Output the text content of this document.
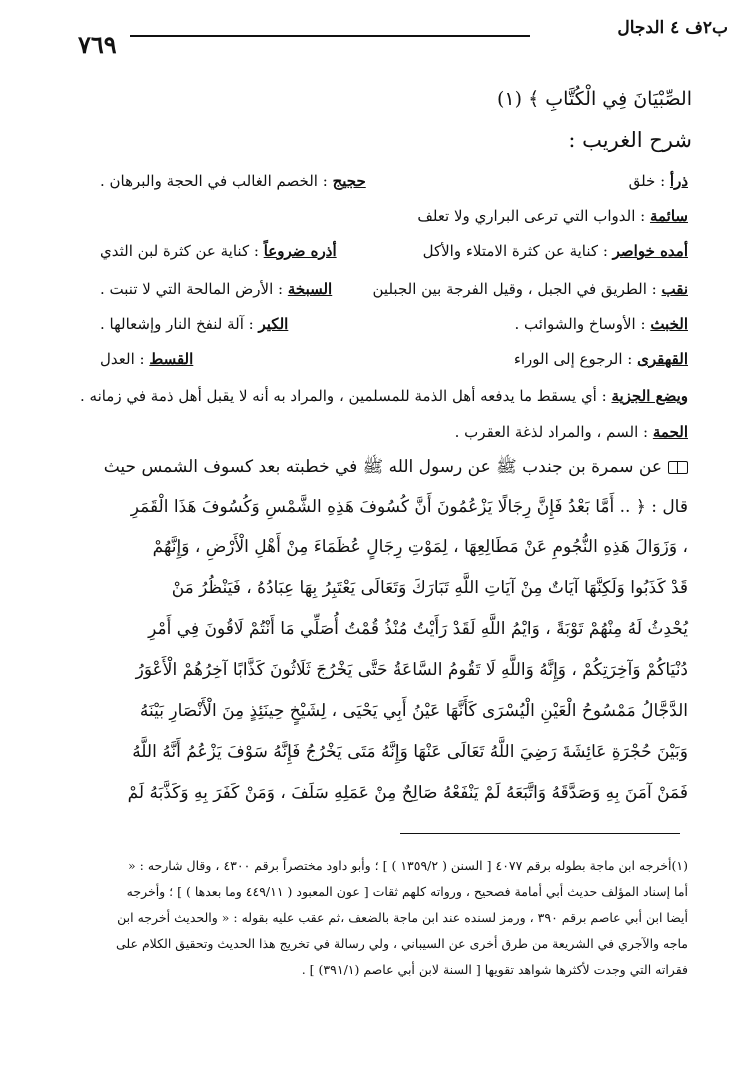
ب٢ف ٤ الدجال
٧٦٩
الصِّبْيَانَ فِي الْكُتَّابِ ﴾ (١)
شرح الغريب :
ذرأ : خلق
حجيج : الخصم الغالب في الحجة والبرهان .
سائمة : الدواب التي ترعى البراري ولا تعلف
أمده خواصر : كناية عن كثرة الامتلاء والأكل
أذره ضروعاً : كناية عن كثرة لبن الثدي
نقب : الطريق في الجبل ، وقيل الفرجة بين الجبلين
السبخة : الأرض المالحة التي لا تنبت .
الخبث : الأوساخ والشوائب .
الكير : آلة لنفخ النار وإشعالها .
القهقرى : الرجوع إلى الوراء
القسط : العدل
ويضع الجزية : أي يسقط ما يدفعه أهل الذمة للمسلمين ، والمراد به أنه لا يقبل أهل ذمة في زمانه .
الحمة : السم ، والمراد لذغة العقرب .
عن سمرة بن جندب ﷺ عن رسول الله ﷺ في خطبته بعد كسوف الشمس حيث
قال : ﴿ .. أَمَّا بَعْدُ فَإِنَّ رِجَالًا يَزْعُمُونَ أَنَّ كُسُوفَ هَذِهِ الشَّمْسِ وَكُسُوفَ هَذَا الْقَمَرِ
، وَزَوَالَ هَذِهِ النُّجُومِ عَنْ مَطَالِعِهَا ، لِمَوْتِ رِجَالٍ عُظَمَاءَ مِنْ أَهْلِ الْأَرْضِ ، وَإِنَّهُمْ
قَدْ كَذَبُوا وَلَكِنَّهَا آيَاتٌ مِنْ آيَاتِ اللَّهِ تَبَارَكَ وَتَعَالَى يَعْتَبِرُ بِهَا عِبَادُهُ ، فَيَنْظُرُ مَنْ
يُحْدِثُ لَهُ مِنْهُمْ تَوْبَةً ، وَايْمُ اللَّهِ لَقَدْ رَأَيْتُ مُنْذُ قُمْتُ أُصَلِّي مَا أَنْتُمْ لَاقُونَ فِي أَمْرِ
دُنْيَاكُمْ وَآخِرَتِكُمْ ، وَإِنَّهُ وَاللَّهِ لَا تَقُومُ السَّاعَةُ حَتَّى يَخْرُجَ ثَلَاثُونَ كَذَّابًا آخِرُهُمْ الْأَعْوَرُ
الدَّجَّالُ مَمْسُوحُ الْعَيْنِ الْيُسْرَى كَأَنَّهَا عَيْنُ أَبِي يَحْيَى ، لِشَيْخٍ حِينَئِذٍ مِنَ الْأَنْصَارِ بَيْنَهُ
وَبَيْنَ حُجْرَةِ عَائِشَةَ رَضِيَ اللَّهُ تَعَالَى عَنْهَا وَإِنَّهُ مَتَى يَخْرُجُ فَإِنَّهُ سَوْفَ يَزْعُمُ أَنَّهُ اللَّهُ
فَمَنْ آمَنَ بِهِ وَصَدَّقَهُ وَاتَّبَعَهُ لَمْ يَنْفَعْهُ صَالِحٌ مِنْ عَمَلِهِ سَلَفَ ، وَمَنْ كَفَرَ بِهِ وَكَذَّبَهُ لَمْ
(١)أخرجه ابن ماجة بطوله برقم ٤٠٧٧ [ السنن ( ١٣٥٩/٢ ) ] ؛ وأبو داود مختصراً برقم ٤٣٠٠ ، وقال شارحه : «
أما إسناد المؤلف حديث أبي أمامة فصحيح ، ورواته كلهم ثقات [ عون المعبود ( ٤٤٩/١١ وما بعدها ) ] ؛ وأخرجه
أيضا ابن أبي عاصم برقم ٣٩٠ ، ورمز لسنده عند ابن ماجة بالضعف ،ثم عقب عليه بقوله : « والحديث أخرجه ابن
ماجه والآجري في الشريعة من طرق أخرى عن السيباني ، ولي رسالة في تخريج هذا الحديث وتحقيق الكلام على
فقراته التي وجدت لأكثرها شواهد تقويها [ السنة لابن أبي عاصم (٣٩١/١) ] .
